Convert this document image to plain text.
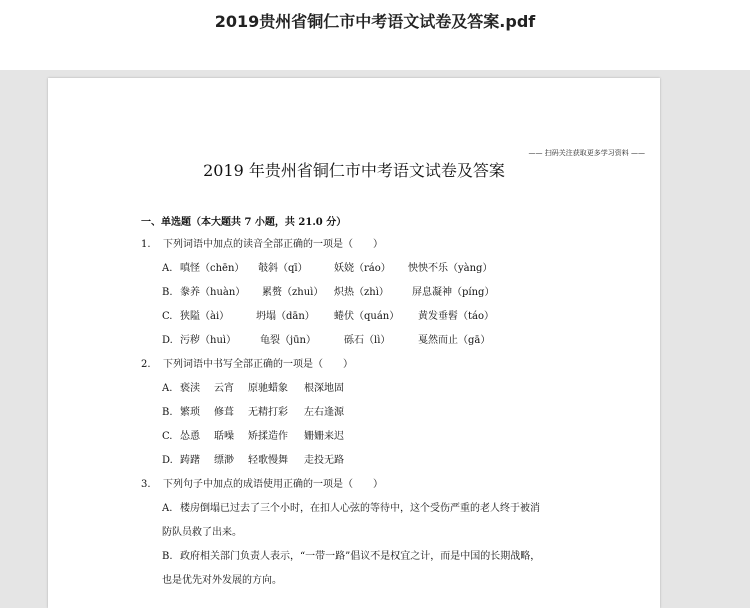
2019贵州省铜仁市中考语文试卷及答案.pdf
—— 扫码关注获取更多学习资料 ——
2019 年贵州省铜仁市中考语文试卷及答案
一、单选题（本大题共 7 小题，共 21.0 分）
1. 下列词语中加点的读音全部正确的一项是（　　）
A. 嗔怪（chēn） 攲斜（qī）	妖娆（ráo） 怏怏不乐（yàng）
B. 豢养（huàn） 累赘（zhuì） 炽热（zhì） 屏息凝神（píng）
C. 狭隘（ài）	坍塌（dān） 蜷伏（quán） 黄发垂髫（táo）
D. 污秽（huì） 龟裂（jūn）	砾石（lì）	戛然而止（gā）
2. 下列词语中书写全部正确的一项是（　　）
A. 亵渎 云宵 原驰蜡象 根深地固
B. 繁琐 修葺 无精打彩 左右逢源
C. 怂恿 聒噪 矫揉造作 姗姗来迟
D. 踌躇 缥渺 轻歌慢舞 走投无路
3. 下列句子中加点的成语使用正确的一项是（　　）
A. 楼房倒塌已过去了三个小时，在扣人心弦的等待中，这个受伤严重的老人终于被消
防队员救了出来。
B. 政府相关部门负责人表示，“一带一路”倡议不是权宜之计，而是中国的长期战略，
也是优先对外发展的方向。
